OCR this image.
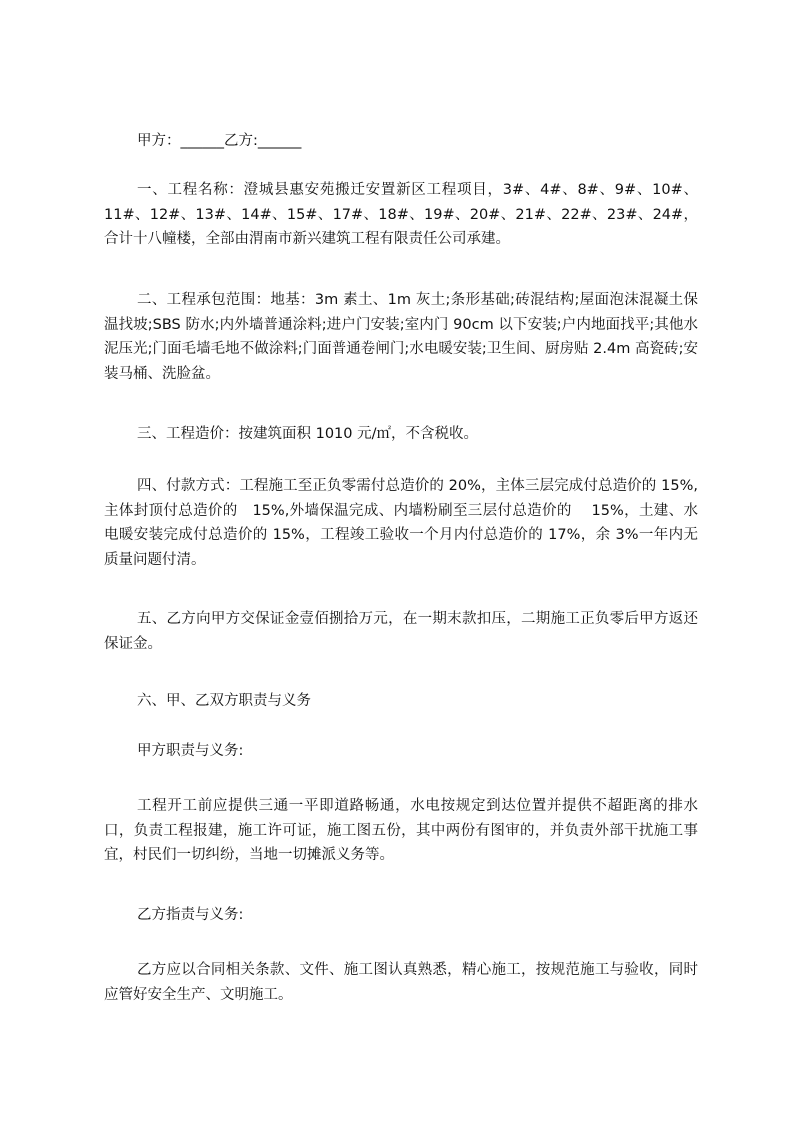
甲方：______乙方:______

一、工程名称：澄城县惠安苑搬迁安置新区工程项目，3#、4#、8#、9#、10#、11#、12#、13#、14#、15#、17#、18#、19#、20#、21#、22#、23#、24#，合计十八幢楼，全部由渭南市新兴建筑工程有限责任公司承建。

二、工程承包范围：地基：3m 素土、1m 灰土;条形基础;砖混结构;屋面泡沫混凝土保温找坡;SBS 防水;内外墙普通涂料;进户门安装;室内门 90cm 以下安装;户内地面找平;其他水泥压光;门面毛墙毛地不做涂料;门面普通卷闸门;水电暖安装;卫生间、厨房贴 2.4m 高瓷砖;安装马桶、洗脸盆。

三、工程造价：按建筑面积 1010 元/㎡，不含税收。

四、付款方式：工程施工至正负零需付总造价的 20%，主体三层完成付总造价的 15%,主体封顶付总造价的　15%,外墙保温完成、内墙粉刷至三层付总造价的　 15%，土建、水电暖安装完成付总造价的 15%，工程竣工验收一个月内付总造价的 17%，余 3%一年内无质量问题付清。

五、乙方向甲方交保证金壹佰捌拾万元，在一期末款扣压，二期施工正负零后甲方返还保证金。

六、甲、乙双方职责与义务

甲方职责与义务:

工程开工前应提供三通一平即道路畅通，水电按规定到达位置并提供不超距离的排水口，负责工程报建，施工许可证，施工图五份，其中两份有图审的，并负责外部干扰施工事宜，村民们一切纠纷，当地一切摊派义务等。

乙方指责与义务:

乙方应以合同相关条款、文件、施工图认真熟悉，精心施工，按规范施工与验收，同时应管好安全生产、文明施工。
